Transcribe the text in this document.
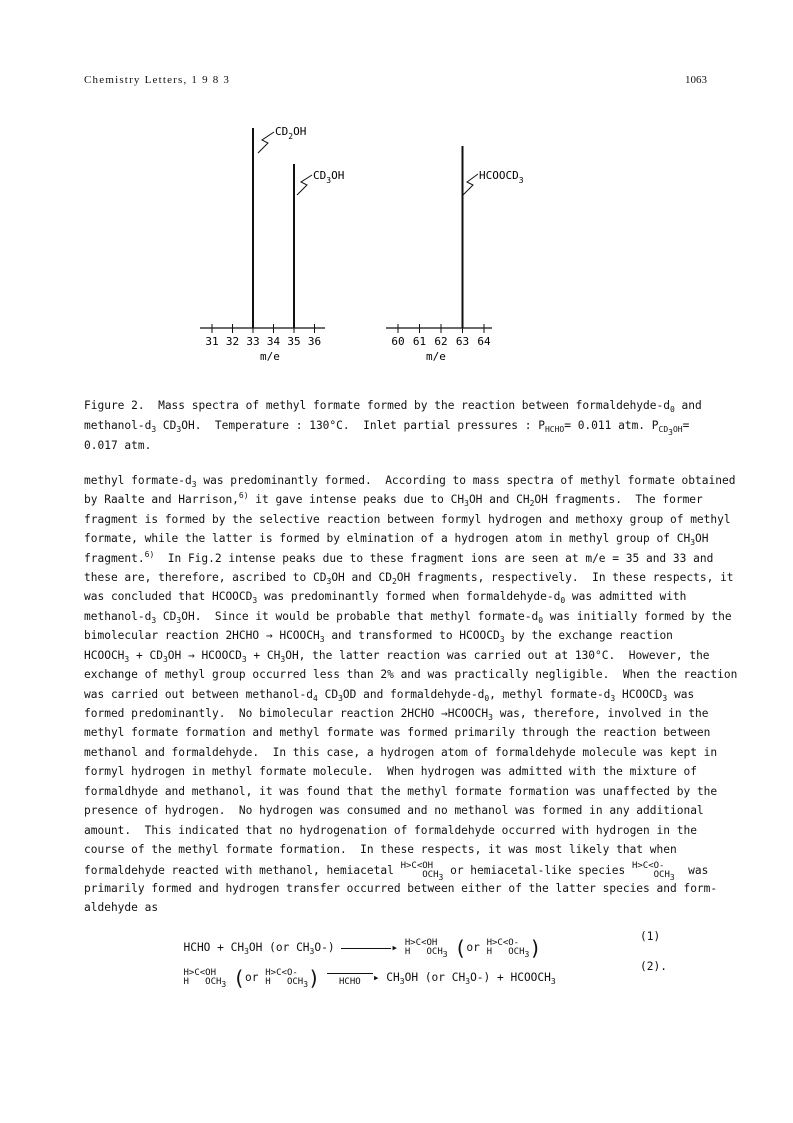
Chemistry Letters, 1 9 8 3	1063
31 32 33 34 35 36
$CD_2OH$
$CD_3OH$
m/e
60 61 62 63 64
$HCOOCD_3$
m/e
Figure 2.  Mass spectra of methyl formate formed by the reaction between formaldehyde-$d_0$ and
methanol-$d_3$ $CD_3OH$.  Temperature : 130°C.  Inlet partial pressures : $P_{HCHO}= 0.011$ atm. $P_{CD_3OH}=$
0.017 atm.
methyl formate-$d_3$ was predominantly formed.  According to mass spectra of methyl formate obtained
by Raalte and Harrison,$^{6)}$ it gave intense peaks due to $CH_3OH$ and $CH_2OH$ fragments.  The former
fragment is formed by the selective reaction between formyl hydrogen and methoxy group of methyl
formate, while the latter is formed by elmination of a hydrogen atom in methyl group of $CH_3OH$
fragment.$^{6)}$  In Fig.2 intense peaks due to these fragment ions are seen at m/e = 35 and 33 and
these are, therefore, ascribed to $CD_3OH$ and $CD_2OH$ fragments, respectively.  In these respects, it
was concluded that $HCOOCD_3$ was predominantly formed when formaldehyde-$d_0$ was admitted with
methanol-$d_3$ $CD_3OH$.  Since it would be probable that methyl formate-$d_0$ was initially formed by the
bimolecular reaction 2HCHO → $HCOOCH_3$ and transformed to $HCOOCD_3$ by the exchange reaction
$HCOOCH_3 + CD_3OH$ → $HCOOCD_3 + CH_3OH$, the latter reaction was carried out at 130°C.  However, the
exchange of methyl group occurred less than 2% and was practically negligible.  When the reaction
was carried out between methanol-$d_4$ $CD_3OD$ and formaldehyde-$d_0$, methyl formate-$d_3$ $HCOOCD_3$ was
formed predominantly.  No bimolecular reaction 2HCHO $\to HCOOCH_3$ was, therefore, involved in the
methyl formate formation and methyl formate was formed primarily through the reaction between
methanol and formaldehyde.  In this case, a hydrogen atom of formaldehyde molecule was kept in
formyl hydrogen in methyl formate molecule.  When hydrogen was admitted with the mixture of
formaldhyde and methanol, it was found that the methyl formate formation was unaffected by the
presence of hydrogen.  No hydrogen was consumed and no methanol was formed in any additional
amount.  This indicated that no hydrogenation of formaldehyde occurred with hydrogen in the
course of the methyl formate formation.  In these respects, it was most likely that when
formaldehyde reacted with methanol, hemiacetal H>C<OH
$OCH_3$ or hemiacetal-like species H>C<O-
$OCH_3$  was
primarily formed and hydrogen transfer occurred between either of the latter species and form-
aldehyde as

HCHO + $CH_3OH$ (or $CH_3O-$)	▸ H>C<OH
H   $OCH_3$ (or H>C<O-
H   $OCH_3$)	(1)

H>C<OH
H   $OCH_3$ (or H>C<O-
H   $OCH_3$) HCHO ▸ $CH_3OH$ (or $CH_3O-$) + $HCOOCH_3$

(2).
